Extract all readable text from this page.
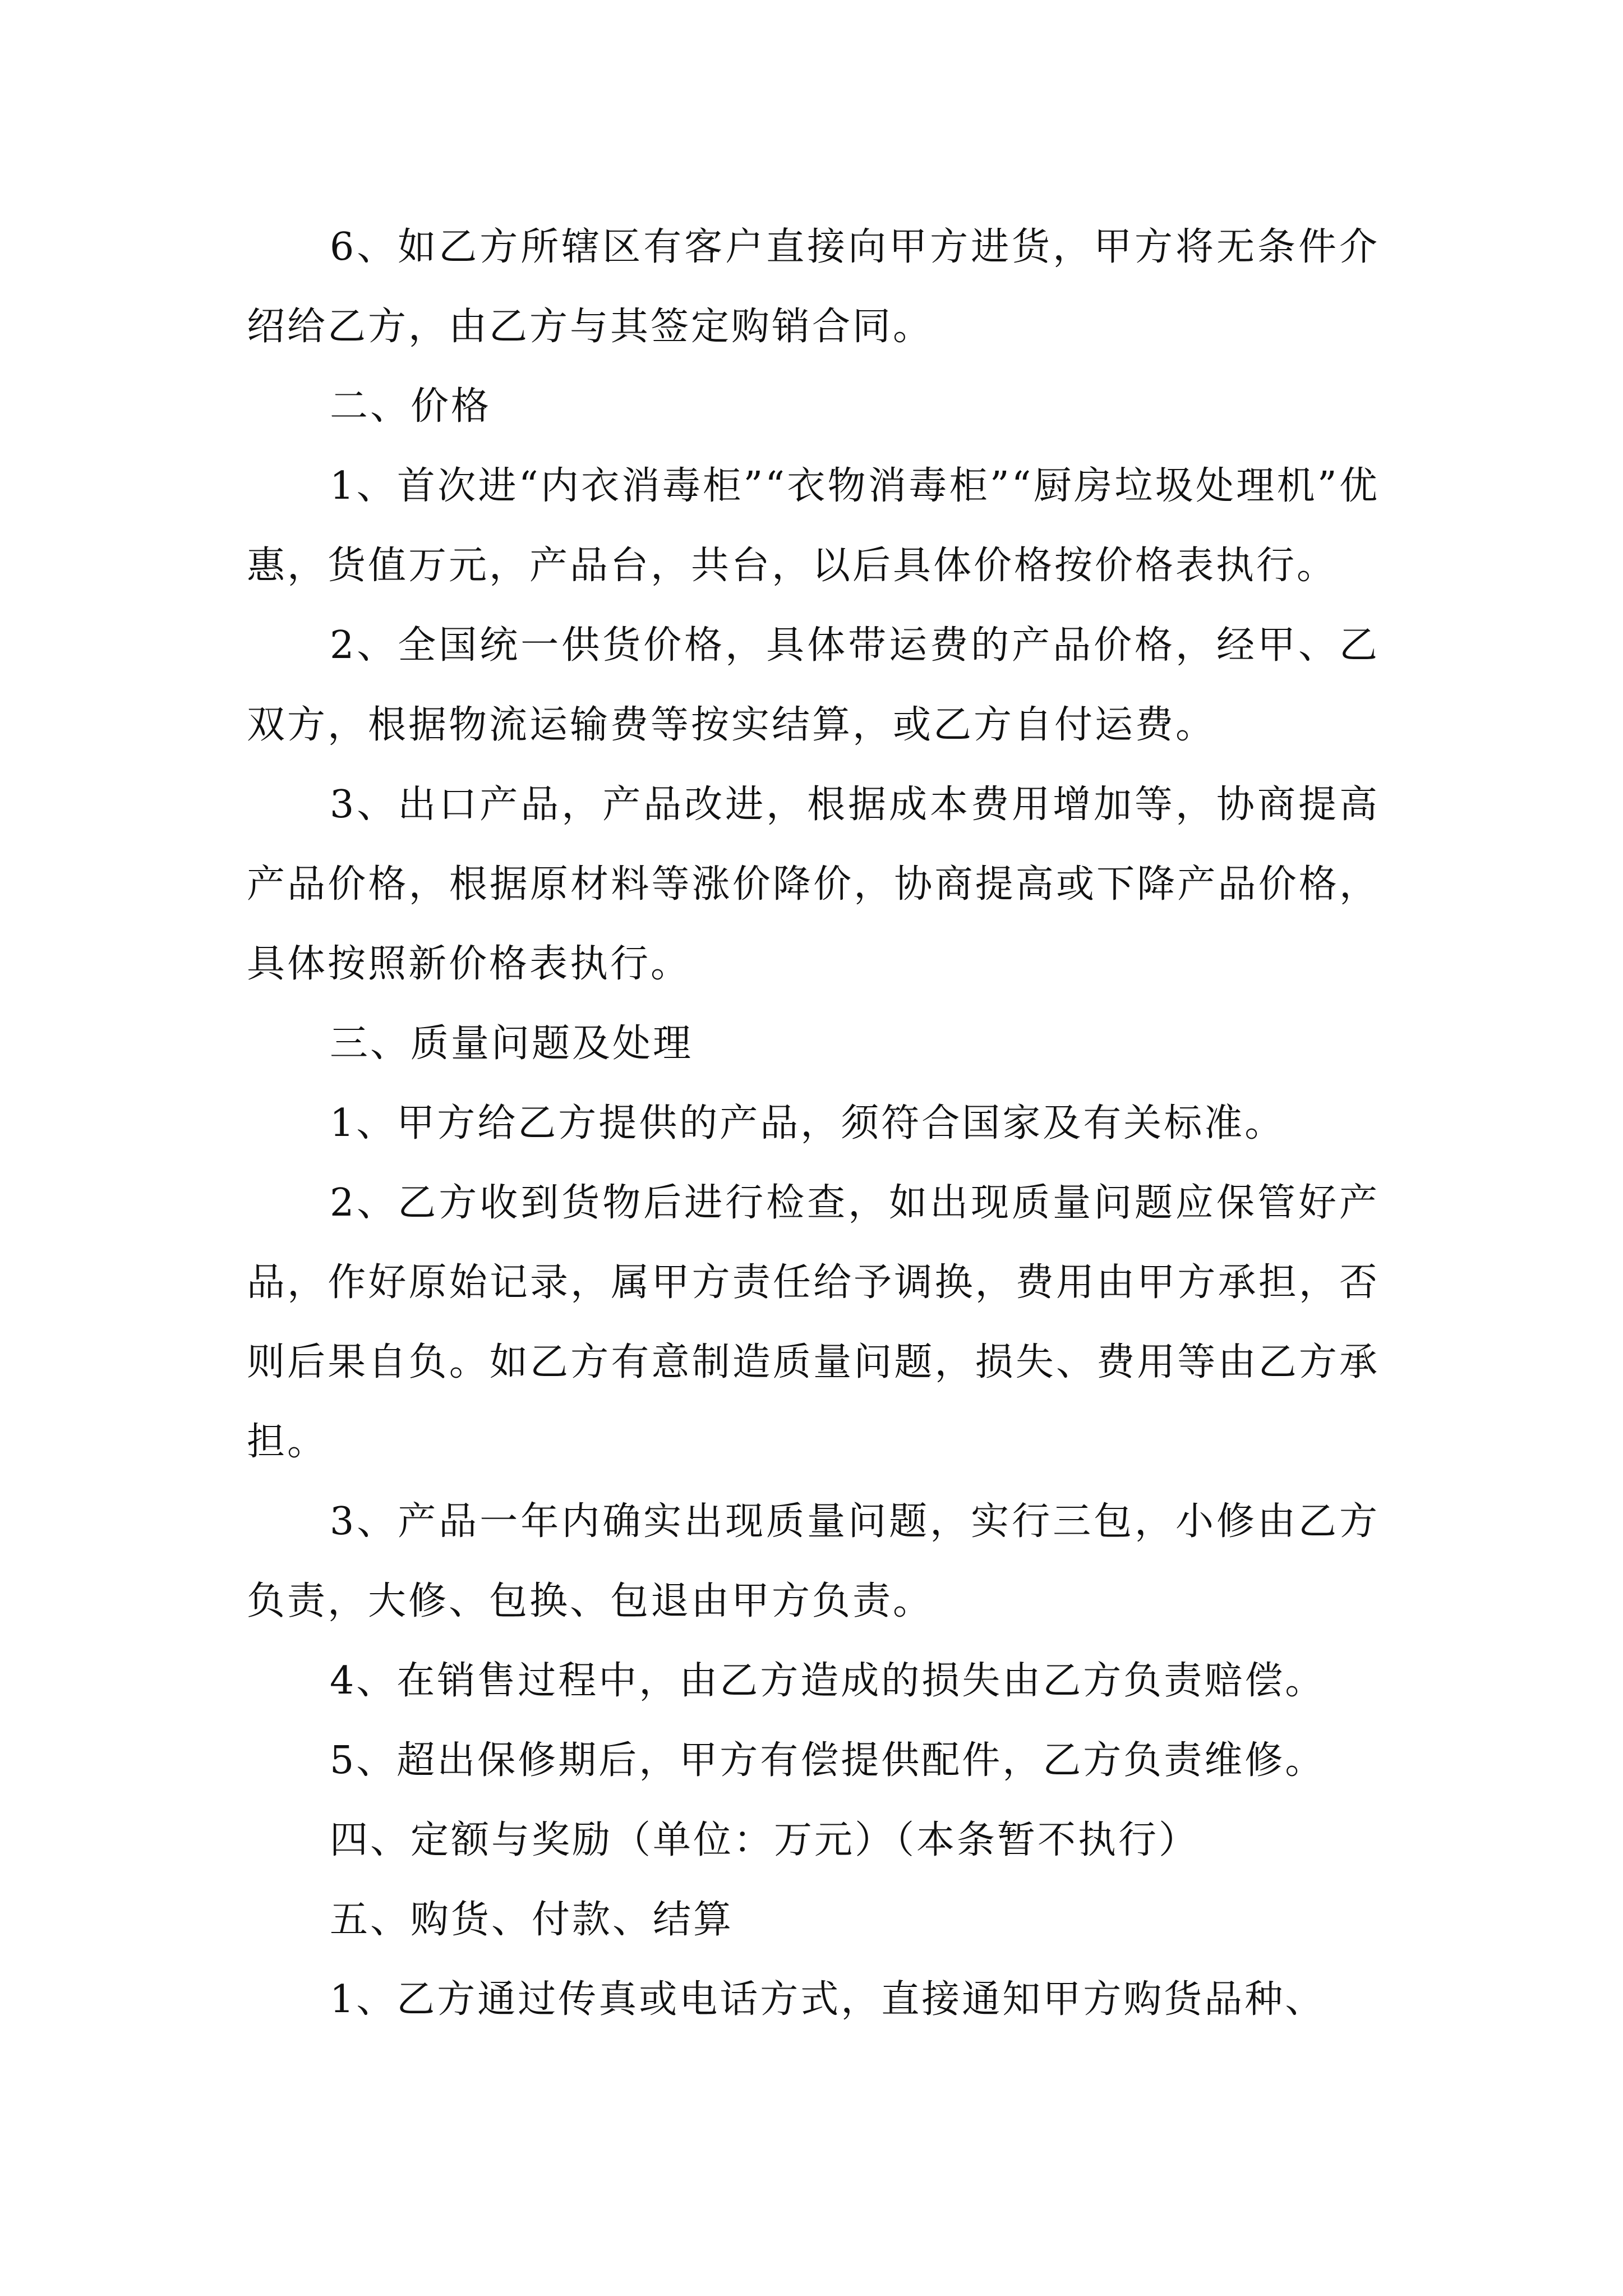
6、如乙方所辖区有客户直接向甲方进货，甲方将无条件介绍给乙方，由乙方与其签定购销合同。

二、价格

1、首次进“内衣消毒柜”“衣物消毒柜”“厨房垃圾处理机”优惠，货值万元，产品台，共台，以后具体价格按价格表执行。

2、全国统一供货价格，具体带运费的产品价格，经甲、乙双方，根据物流运输费等按实结算，或乙方自付运费。

3、出口产品，产品改进，根据成本费用增加等，协商提高产品价格，根据原材料等涨价降价，协商提高或下降产品价格，具体按照新价格表执行。

三、质量问题及处理

1、甲方给乙方提供的产品，须符合国家及有关标准。

2、乙方收到货物后进行检查，如出现质量问题应保管好产品，作好原始记录，属甲方责任给予调换，费用由甲方承担，否则后果自负。如乙方有意制造质量问题，损失、费用等由乙方承担。

3、产品一年内确实出现质量问题，实行三包，小修由乙方负责，大修、包换、包退由甲方负责。

4、在销售过程中，由乙方造成的损失由乙方负责赔偿。

5、超出保修期后，甲方有偿提供配件，乙方负责维修。

四、定额与奖励（单位：万元）（本条暂不执行）

五、购货、付款、结算

1、乙方通过传真或电话方式，直接通知甲方购货品种、
